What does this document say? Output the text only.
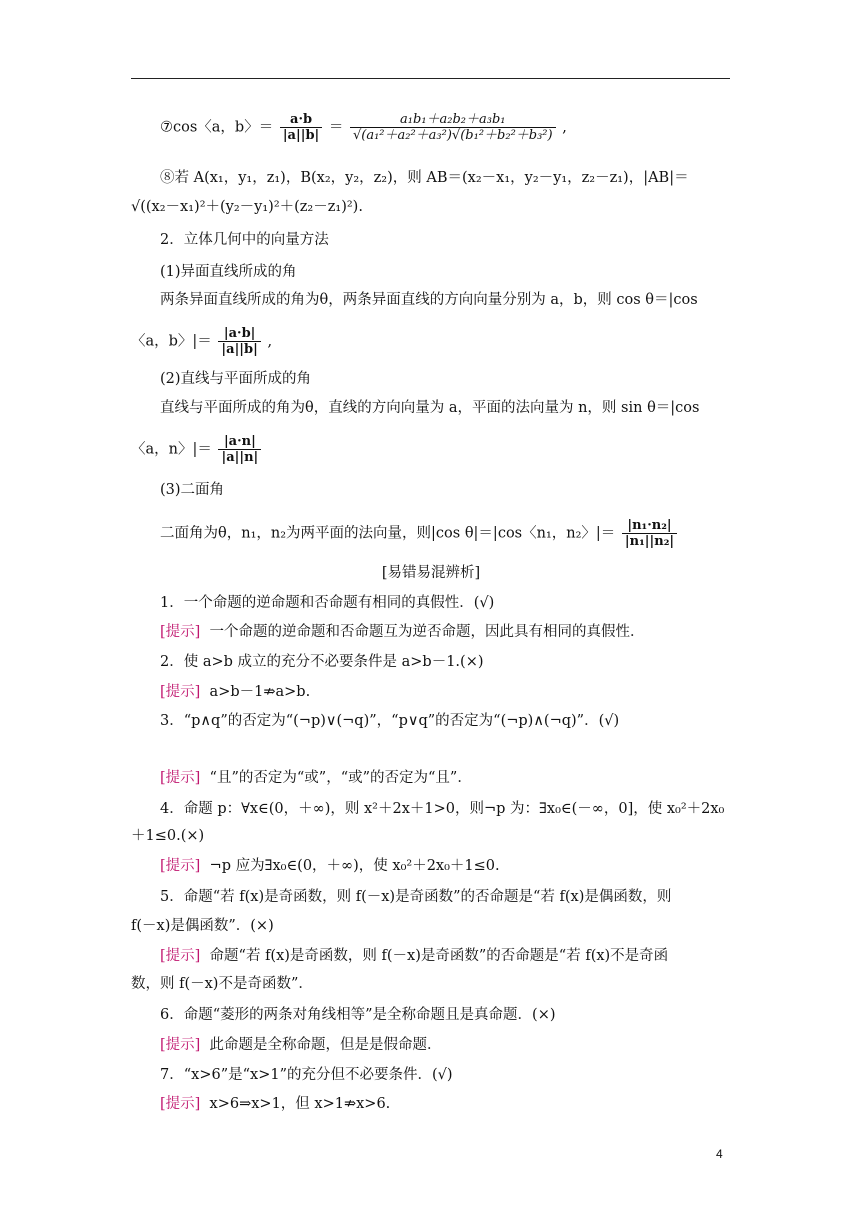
⑦cos〈a，b〉＝ $\frac{a\cdot b}{|a||b|} = \frac{\text{a₁b₁＋a₂b₂＋a₃b₁}}{\text{√(a₁²＋a₂²＋a₃²)√(b₁²＋b₂²＋b₃²)}}$ ,
⑧若 A(x₁，y₁，z₁)，B(x₂，y₂，z₂)，则 AB＝(x₂－x₁，y₂－y₁，z₂－z₁)，|AB|＝
√((x₂－x₁)²＋(y₂－y₁)²＋(z₂－z₁)²).
2．立体几何中的向量方法
(1)异面直线所成的角
两条异面直线所成的角为θ，两条异面直线的方向向量分别为 a，b，则 cos θ＝|cos
〈a，b〉|＝ $\frac{|a\cdot b|}{|a||b|}$ ,
(2)直线与平面所成的角
直线与平面所成的角为θ，直线的方向向量为 a，平面的法向量为 n，则 sin θ＝|cos
〈a，n〉|＝ $\frac{|a\cdot n|}{|a||n|}$
(3)二面角
二面角为θ，n₁，n₂为两平面的法向量，则|cos θ|＝|cos〈n₁，n₂〉|＝ $\frac{\text{|n₁·n₂|}}{\text{|n₁||n₂|}}$
[易错易混辨析]
1．一个命题的逆命题和否命题有相同的真假性．(√)
[提示] 一个命题的逆命题和否命题互为逆否命题，因此具有相同的真假性．
2．使 a>b 成立的充分不必要条件是 a>b－1.(×)
[提示] a>b－1⇏a>b.
3．“p∧q”的否定为“(¬p)∨(¬q)”，“p∨q”的否定为“(¬p)∧(¬q)”．(√)
[提示] “且”的否定为“或”，“或”的否定为“且”．
4．命题 p：∀x∈(0，＋∞)，则 x²＋2x＋1>0，则¬p 为：∃x₀∈(－∞，0]，使 x₀²＋2x₀
＋1≤0.(×)
[提示] ¬p 应为∃x₀∈(0，＋∞)，使 x₀²＋2x₀＋1≤0.
5．命题“若 f(x)是奇函数，则 f(－x)是奇函数”的否命题是“若 f(x)是偶函数，则
f(－x)是偶函数”．(×)
[提示] 命题“若 f(x)是奇函数，则 f(－x)是奇函数”的否命题是“若 f(x)不是奇函
数，则 f(－x)不是奇函数”．
6．命题“菱形的两条对角线相等”是全称命题且是真命题．(×)
[提示] 此命题是全称命题，但是是假命题．
7．“x>6”是“x>1”的充分但不必要条件．(√)
[提示] x>6⇒x>1，但 x>1⇏x>6.
4
